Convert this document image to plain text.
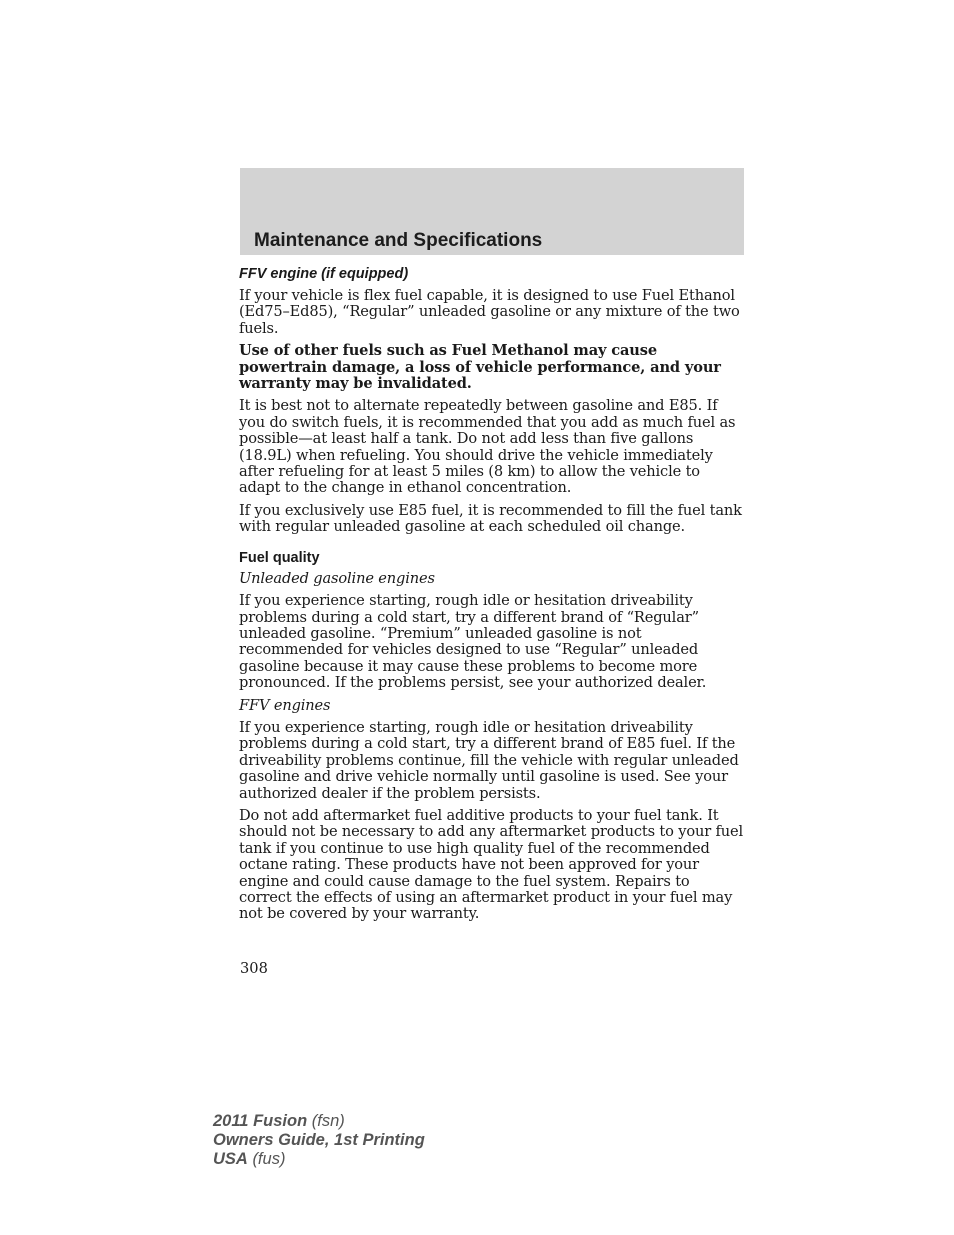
Maintenance and Specifications
FFV engine (if equipped)

If your vehicle is flex fuel capable, it is designed to use Fuel Ethanol (Ed75–Ed85), “Regular” unleaded gasoline or any mixture of the two fuels.

Use of other fuels such as Fuel Methanol may cause powertrain damage, a loss of vehicle performance, and your warranty may be invalidated.

It is best not to alternate repeatedly between gasoline and E85. If you do switch fuels, it is recommended that you add as much fuel as possible—at least half a tank. Do not add less than five gallons (18.9L) when refueling. You should drive the vehicle immediately after refueling for at least 5 miles (8 km) to allow the vehicle to adapt to the change in ethanol concentration.

If you exclusively use E85 fuel, it is recommended to fill the fuel tank with regular unleaded gasoline at each scheduled oil change.

Fuel quality

Unleaded gasoline engines

If you experience starting, rough idle or hesitation driveability problems during a cold start, try a different brand of “Regular” unleaded gasoline. “Premium” unleaded gasoline is not recommended for vehicles designed to use “Regular” unleaded gasoline because it may cause these problems to become more pronounced. If the problems persist, see your authorized dealer.

FFV engines

If you experience starting, rough idle or hesitation driveability problems during a cold start, try a different brand of E85 fuel. If the driveability problems continue, fill the vehicle with regular unleaded gasoline and drive vehicle normally until gasoline is used. See your authorized dealer if the problem persists.

Do not add aftermarket fuel additive products to your fuel tank. It should not be necessary to add any aftermarket products to your fuel tank if you continue to use high quality fuel of the recommended octane rating. These products have not been approved for your engine and could cause damage to the fuel system. Repairs to correct the effects of using an aftermarket product in your fuel may not be covered by your warranty.

308
2011 Fusion (fsn)
Owners Guide, 1st Printing
USA (fus)
